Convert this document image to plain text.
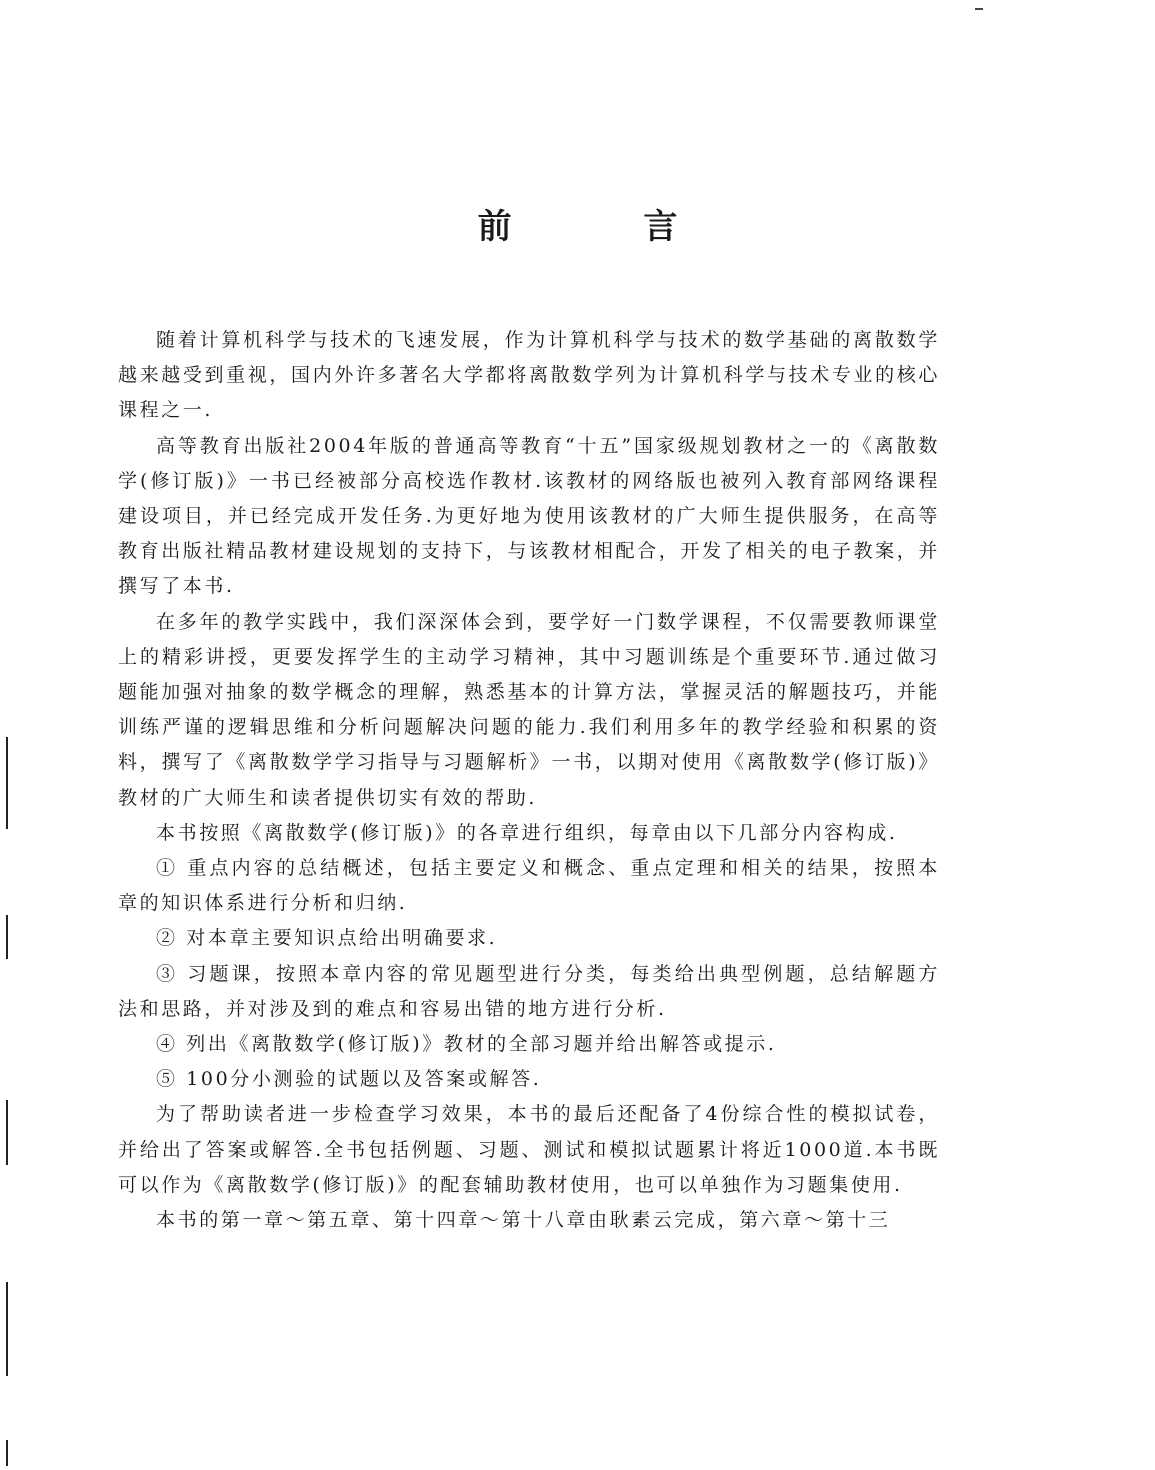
前 言

随着计算机科学与技术的飞速发展，作为计算机科学与技术的数学基础的离散数学越来越受到重视，国内外许多著名大学都将离散数学列为计算机科学与技术专业的核心课程之一.

高等教育出版社2004年版的普通高等教育“十五”国家级规划教材之一的《离散数学(修订版)》一书已经被部分高校选作教材.该教材的网络版也被列入教育部网络课程建设项目，并已经完成开发任务.为更好地为使用该教材的广大师生提供服务，在高等教育出版社精品教材建设规划的支持下，与该教材相配合，开发了相关的电子教案，并撰写了本书.

在多年的教学实践中，我们深深体会到，要学好一门数学课程，不仅需要教师课堂上的精彩讲授，更要发挥学生的主动学习精神，其中习题训练是个重要环节.通过做习题能加强对抽象的数学概念的理解，熟悉基本的计算方法，掌握灵活的解题技巧，并能训练严谨的逻辑思维和分析问题解决问题的能力.我们利用多年的教学经验和积累的资料，撰写了《离散数学学习指导与习题解析》一书，以期对使用《离散数学(修订版)》教材的广大师生和读者提供切实有效的帮助.

本书按照《离散数学(修订版)》的各章进行组织，每章由以下几部分内容构成.

① 重点内容的总结概述，包括主要定义和概念、重点定理和相关的结果，按照本章的知识体系进行分析和归纳.

② 对本章主要知识点给出明确要求.

③ 习题课，按照本章内容的常见题型进行分类，每类给出典型例题，总结解题方法和思路，并对涉及到的难点和容易出错的地方进行分析.

④ 列出《离散数学(修订版)》教材的全部习题并给出解答或提示.

⑤ 100分小测验的试题以及答案或解答.

为了帮助读者进一步检查学习效果，本书的最后还配备了4份综合性的模拟试卷，并给出了答案或解答.全书包括例题、习题、测试和模拟试题累计将近1000道.本书既可以作为《离散数学(修订版)》的配套辅助教材使用，也可以单独作为习题集使用.

本书的第一章～第五章、第十四章～第十八章由耿素云完成，第六章～第十三
